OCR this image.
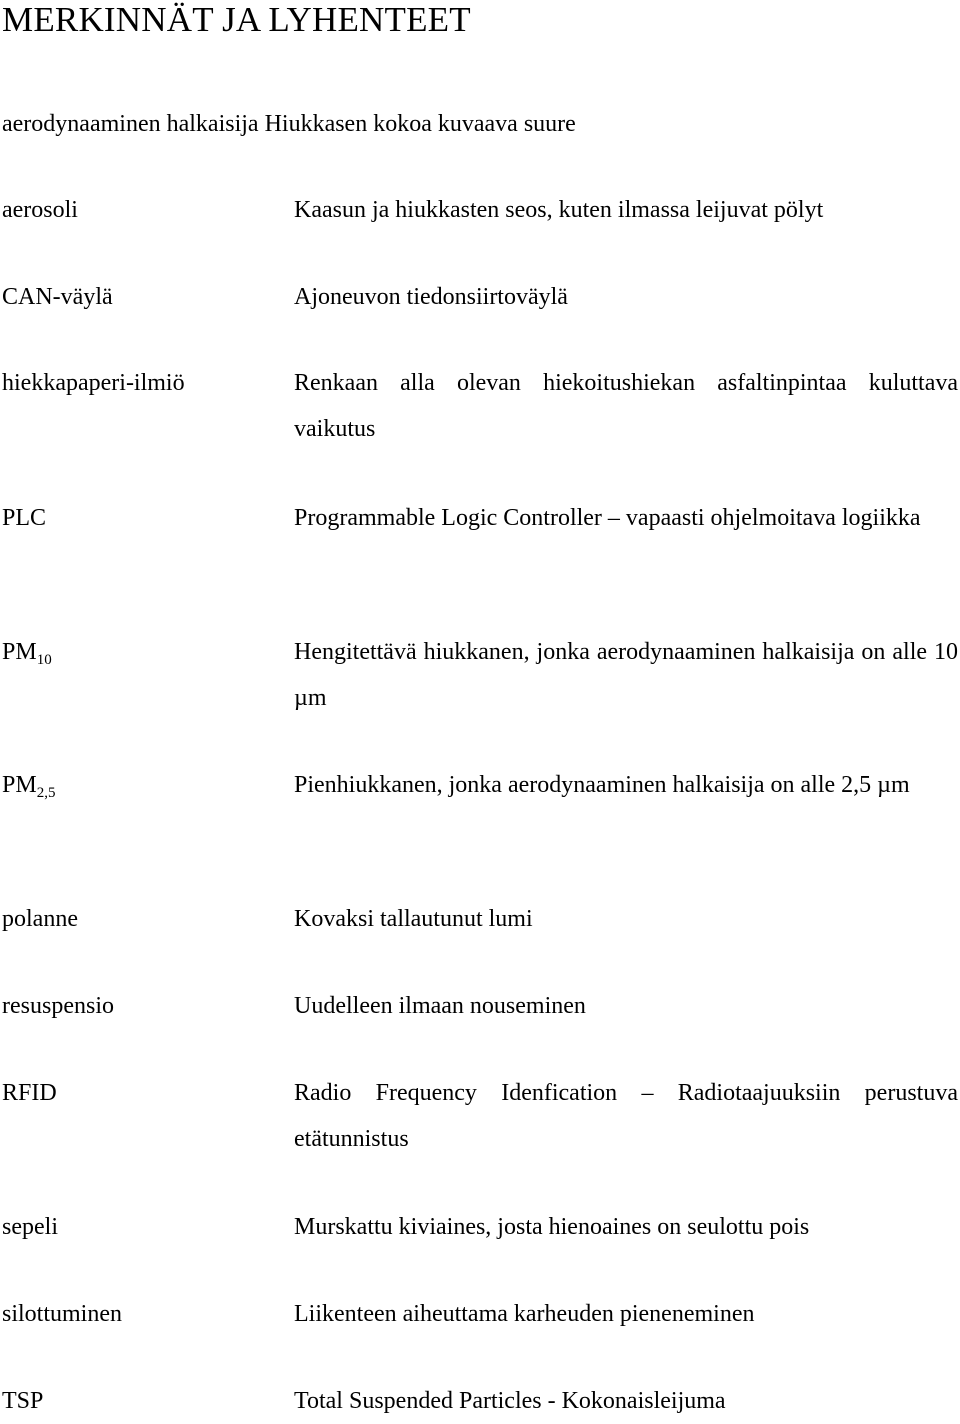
MERKINNÄT JA LYHENTEET
aerodynaaminen halkaisija Hiukkasen kokoa kuvaava suure
aerosoli	Kaasun ja hiukkasten seos, kuten ilmassa leijuvat pölyt
CAN-väylä	Ajoneuvon tiedonsiirtoväylä
hiekkapaperi-ilmiö	Renkaan alla olevan hiekoitushiekan asfaltinpintaa kuluttava vaikutus
PLC	Programmable Logic Controller – vapaasti ohjelmoitava logiikka
$PM_{10}$	Hengitettävä hiukkanen, jonka aerodynaaminen halkaisija on alle 10 µm
$PM_{2,5}$	Pienhiukkanen, jonka aerodynaaminen halkaisija on alle 2,5 µm
polanne	Kovaksi tallautunut lumi
resuspensio	Uudelleen ilmaan nouseminen
RFID	Radio Frequency Idenfication – Radiotaajuuksiin perustuva etätunnistus
sepeli	Murskattu kiviaines, josta hienoaines on seulottu pois
silottuminen	Liikenteen aiheuttama karheuden pieneneminen
TSP	Total Suspended Particles - Kokonaisleijuma
